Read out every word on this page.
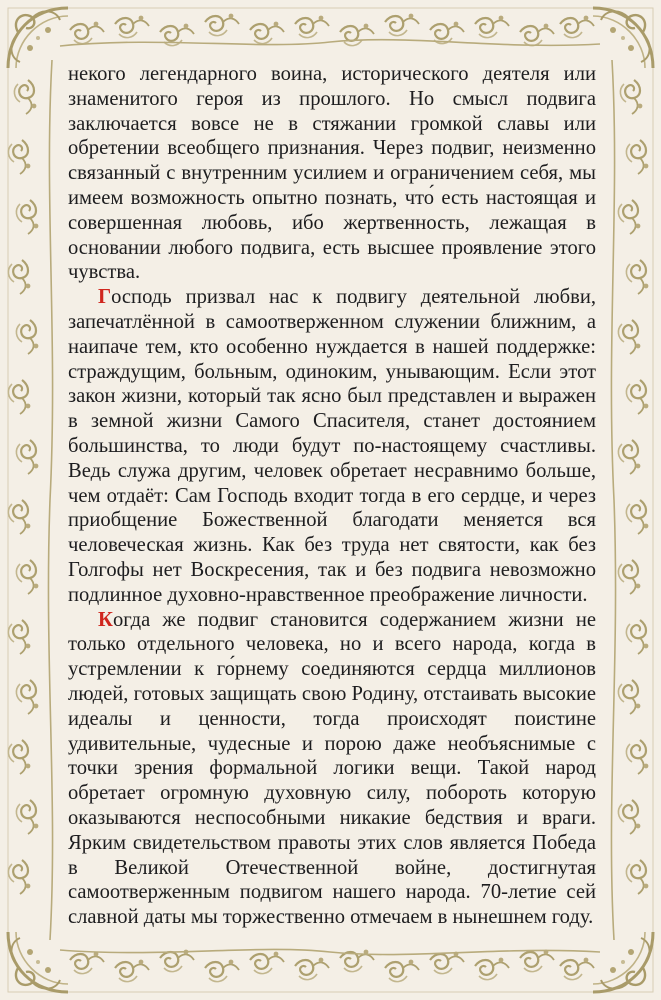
некого легендарного воина, исторического деятеля или знаменитого героя из прошлого. Но смысл подвига заключается вовсе не в стяжании громкой славы или обретении всеобщего признания. Через подвиг, неизменно связанный с внутренним усилием и ограничением себя, мы имеем возможность опытно познать, что́ есть настоящая и совершенная любовь, ибо жертвенность, лежащая в основании любого подвига, есть высшее проявление этого чувства.

Господь призвал нас к подвигу деятельной любви, запечатлённой в самоотверженном служении ближним, а наипаче тем, кто особенно нуждается в нашей поддержке: страждущим, больным, одиноким, унывающим. Если этот закон жизни, который так ясно был представлен и выражен в земной жизни Самого Спасителя, станет достоянием большинства, то люди будут по-настоящему счастливы. Ведь служа другим, человек обретает несравнимо больше, чем отдаёт: Сам Господь входит тогда в его сердце, и через приобщение Божественной благодати меняется вся человеческая жизнь. Как без труда нет святости, как без Голгофы нет Воскресения, так и без подвига невозможно подлинное духовно-нравственное преображение личности.

Когда же подвиг становится содержанием жизни не только отдельного человека, но и всего народа, когда в устремлении к го́рнему соединяются сердца миллионов людей, готовых защищать свою Родину, отстаивать высокие идеалы и ценности, тогда происходят поистине удивительные, чудесные и порою даже необъяснимые с точки зрения формальной логики вещи. Такой народ обретает огромную духовную силу, побороть которую оказываются неспособными никакие бедствия и враги. Ярким свидетельством правоты этих слов является Победа в Великой Отечественной войне, достигнутая самоотверженным подвигом нашего народа. 70-летие сей славной даты мы торжественно отмечаем в нынешнем году.
